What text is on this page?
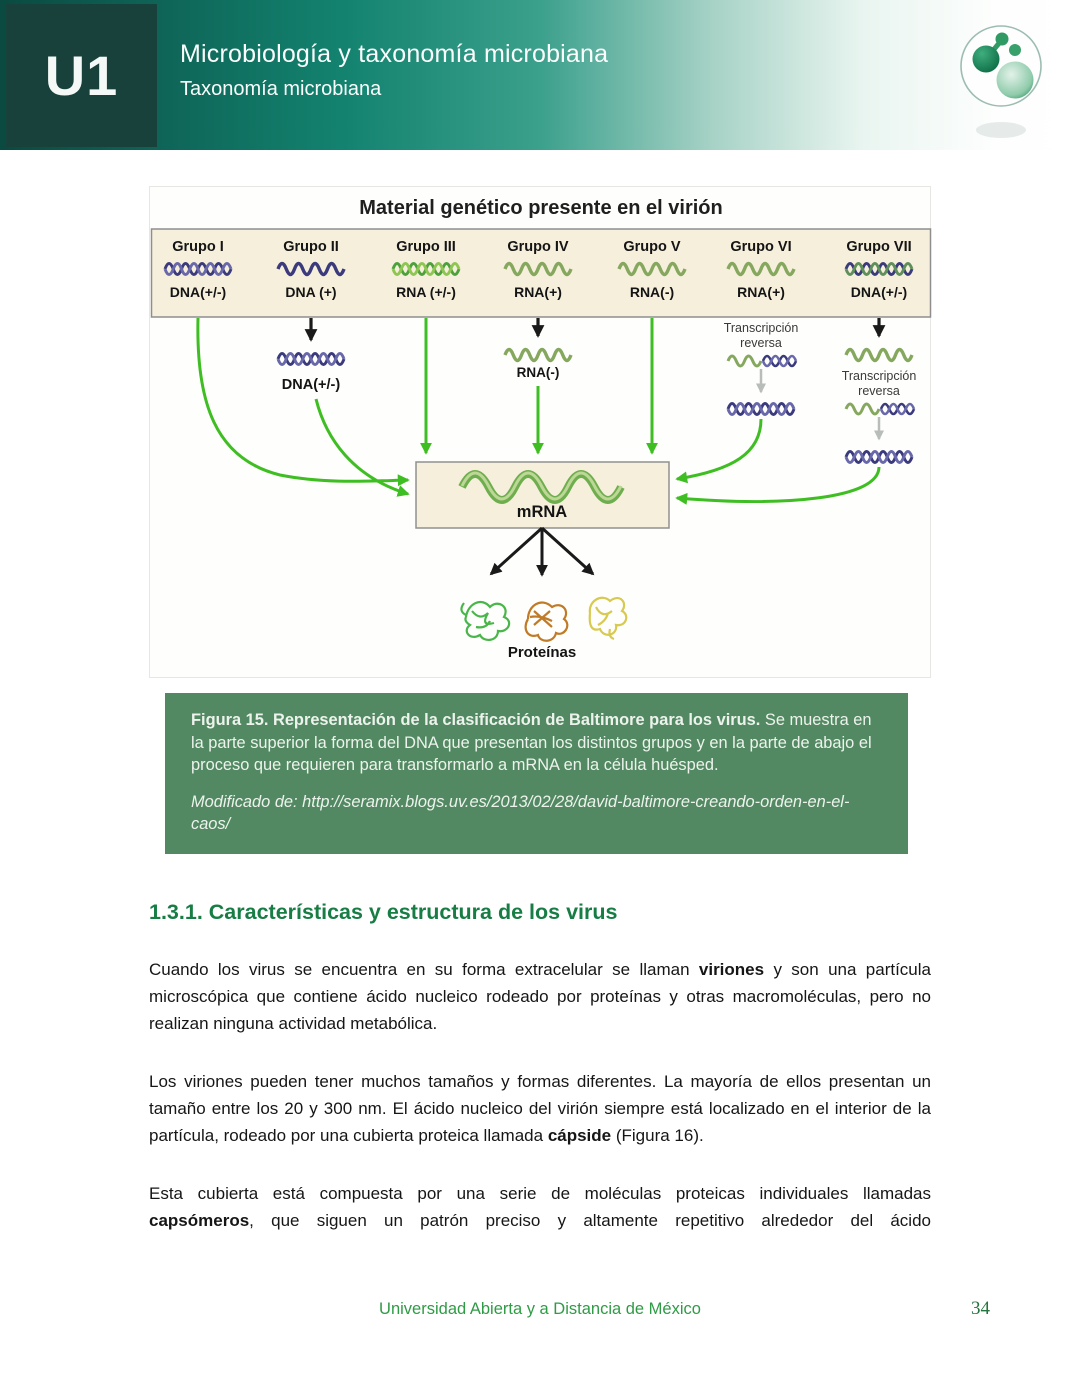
U1	Microbiología y taxonomía microbiana
Taxonomía microbiana
Material genético presente en el virión
Grupo I
DNA(+/-)
Grupo II
DNA (+)
Grupo III
RNA (+/-)
Grupo IV
RNA(+)
Grupo V
RNA(-)
Grupo VI
RNA(+)
Grupo VII
DNA(+/-)
DNA(+/-)
RNA(-)
Transcripción
reversa
Transcripción
reversa
mRNA
Proteínas

Figura 15. Representación de la clasificación de Baltimore para los virus. Se muestra en la parte superior la forma del DNA que presentan los distintos grupos y en la parte de abajo el proceso que requieren para transformarlo a mRNA en la célula huésped.

Modificado de: http://seramix.blogs.uv.es/2013/02/28/david-baltimore-creando-orden-en-el-caos/

1.3.1. Características y estructura de los virus

Cuando los virus se encuentra en su forma extracelular se llaman viriones y son una partícula microscópica que contiene ácido nucleico rodeado por proteínas y otras macromoléculas, pero no realizan ninguna actividad metabólica.

Los viriones pueden tener muchos tamaños y formas diferentes. La mayoría de ellos presentan un tamaño entre los 20 y 300 nm. El ácido nucleico del virión siempre está localizado en el interior de la partícula, rodeado por una cubierta proteica llamada cápside (Figura 16).

Esta cubierta está compuesta por una serie de moléculas proteicas individuales llamadas capsómeros, que siguen un patrón preciso y altamente repetitivo alrededor del ácido

Universidad Abierta y a Distancia de México	34
